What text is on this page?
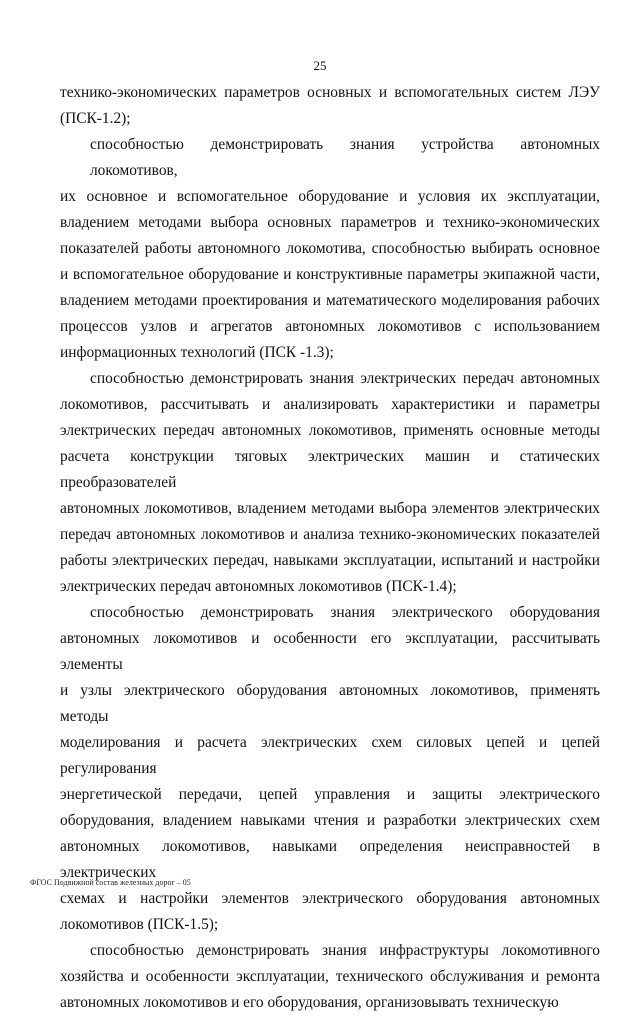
25
технико-экономических параметров основных и вспомогательных систем ЛЭУ
(ПСК-1.2);
способностью демонстрировать знания устройства автономных локомотивов,
их основное и вспомогательное оборудование и условия их эксплуатации,
владением методами выбора основных параметров и технико-экономических
показателей работы автономного локомотива, способностью выбирать основное
и вспомогательное оборудование и конструктивные параметры экипажной части,
владением методами проектирования и математического моделирования рабочих
процессов узлов и агрегатов автономных локомотивов с использованием
информационных технологий (ПСК -1.3);
способностью демонстрировать знания электрических передач автономных
локомотивов, рассчитывать и анализировать характеристики и параметры
электрических передач автономных локомотивов, применять основные методы
расчета конструкции тяговых электрических машин и статических преобразователей
автономных локомотивов, владением методами выбора элементов электрических
передач автономных локомотивов и анализа технико-экономических показателей
работы электрических передач, навыками эксплуатации, испытаний и настройки
электрических передач автономных локомотивов (ПСК-1.4);
способностью демонстрировать знания электрического оборудования
автономных локомотивов и особенности его эксплуатации, рассчитывать элементы
и узлы электрического оборудования автономных локомотивов, применять методы
моделирования и расчета электрических схем силовых цепей и цепей регулирования
энергетической передачи, цепей управления и защиты электрического
оборудования, владением навыками чтения и разработки электрических схем
автономных локомотивов, навыками определения неисправностей в электрических
схемах и настройки элементов электрического оборудования автономных
локомотивов (ПСК-1.5);
способностью демонстрировать знания инфраструктуры локомотивного
хозяйства и особенности эксплуатации, технического обслуживания и ремонта
автономных локомотивов и его оборудования, организовывать техническую
ФГОС Подвижной состав железных дорог – 05
